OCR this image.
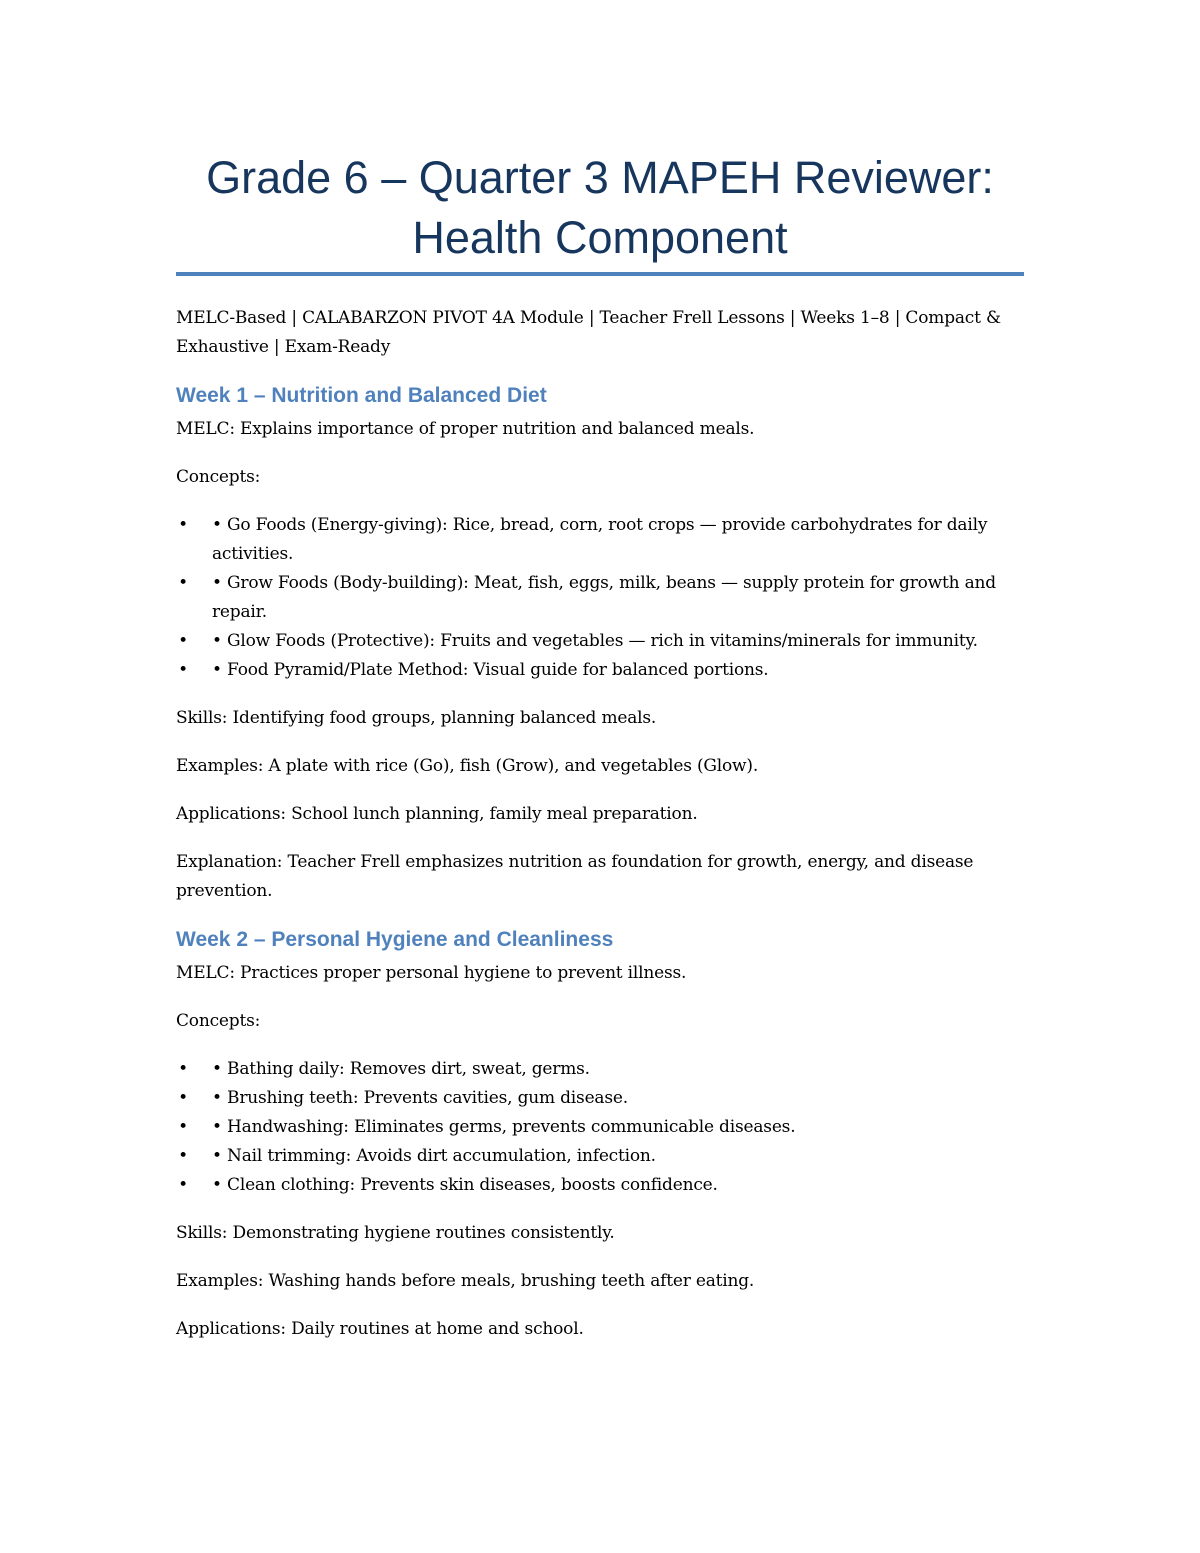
Grade 6 – Quarter 3 MAPEH Reviewer:
Health Component

MELC-Based | CALABARZON PIVOT 4A Module | Teacher Frell Lessons | Weeks 1–8 | Compact & Exhaustive | Exam-Ready

Week 1 – Nutrition and Balanced Diet

MELC: Explains importance of proper nutrition and balanced meals.

Concepts:

• • Go Foods (Energy-giving): Rice, bread, corn, root crops — provide carbohydrates for daily activities.
• • Grow Foods (Body-building): Meat, fish, eggs, milk, beans — supply protein for growth and repair.
• • Glow Foods (Protective): Fruits and vegetables — rich in vitamins/minerals for immunity.
• • Food Pyramid/Plate Method: Visual guide for balanced portions.

Skills: Identifying food groups, planning balanced meals.

Examples: A plate with rice (Go), fish (Grow), and vegetables (Glow).

Applications: School lunch planning, family meal preparation.

Explanation: Teacher Frell emphasizes nutrition as foundation for growth, energy, and disease prevention.

Week 2 – Personal Hygiene and Cleanliness

MELC: Practices proper personal hygiene to prevent illness.

Concepts:

• • Bathing daily: Removes dirt, sweat, germs.
• • Brushing teeth: Prevents cavities, gum disease.
• • Handwashing: Eliminates germs, prevents communicable diseases.
• • Nail trimming: Avoids dirt accumulation, infection.
• • Clean clothing: Prevents skin diseases, boosts confidence.

Skills: Demonstrating hygiene routines consistently.

Examples: Washing hands before meals, brushing teeth after eating.

Applications: Daily routines at home and school.
